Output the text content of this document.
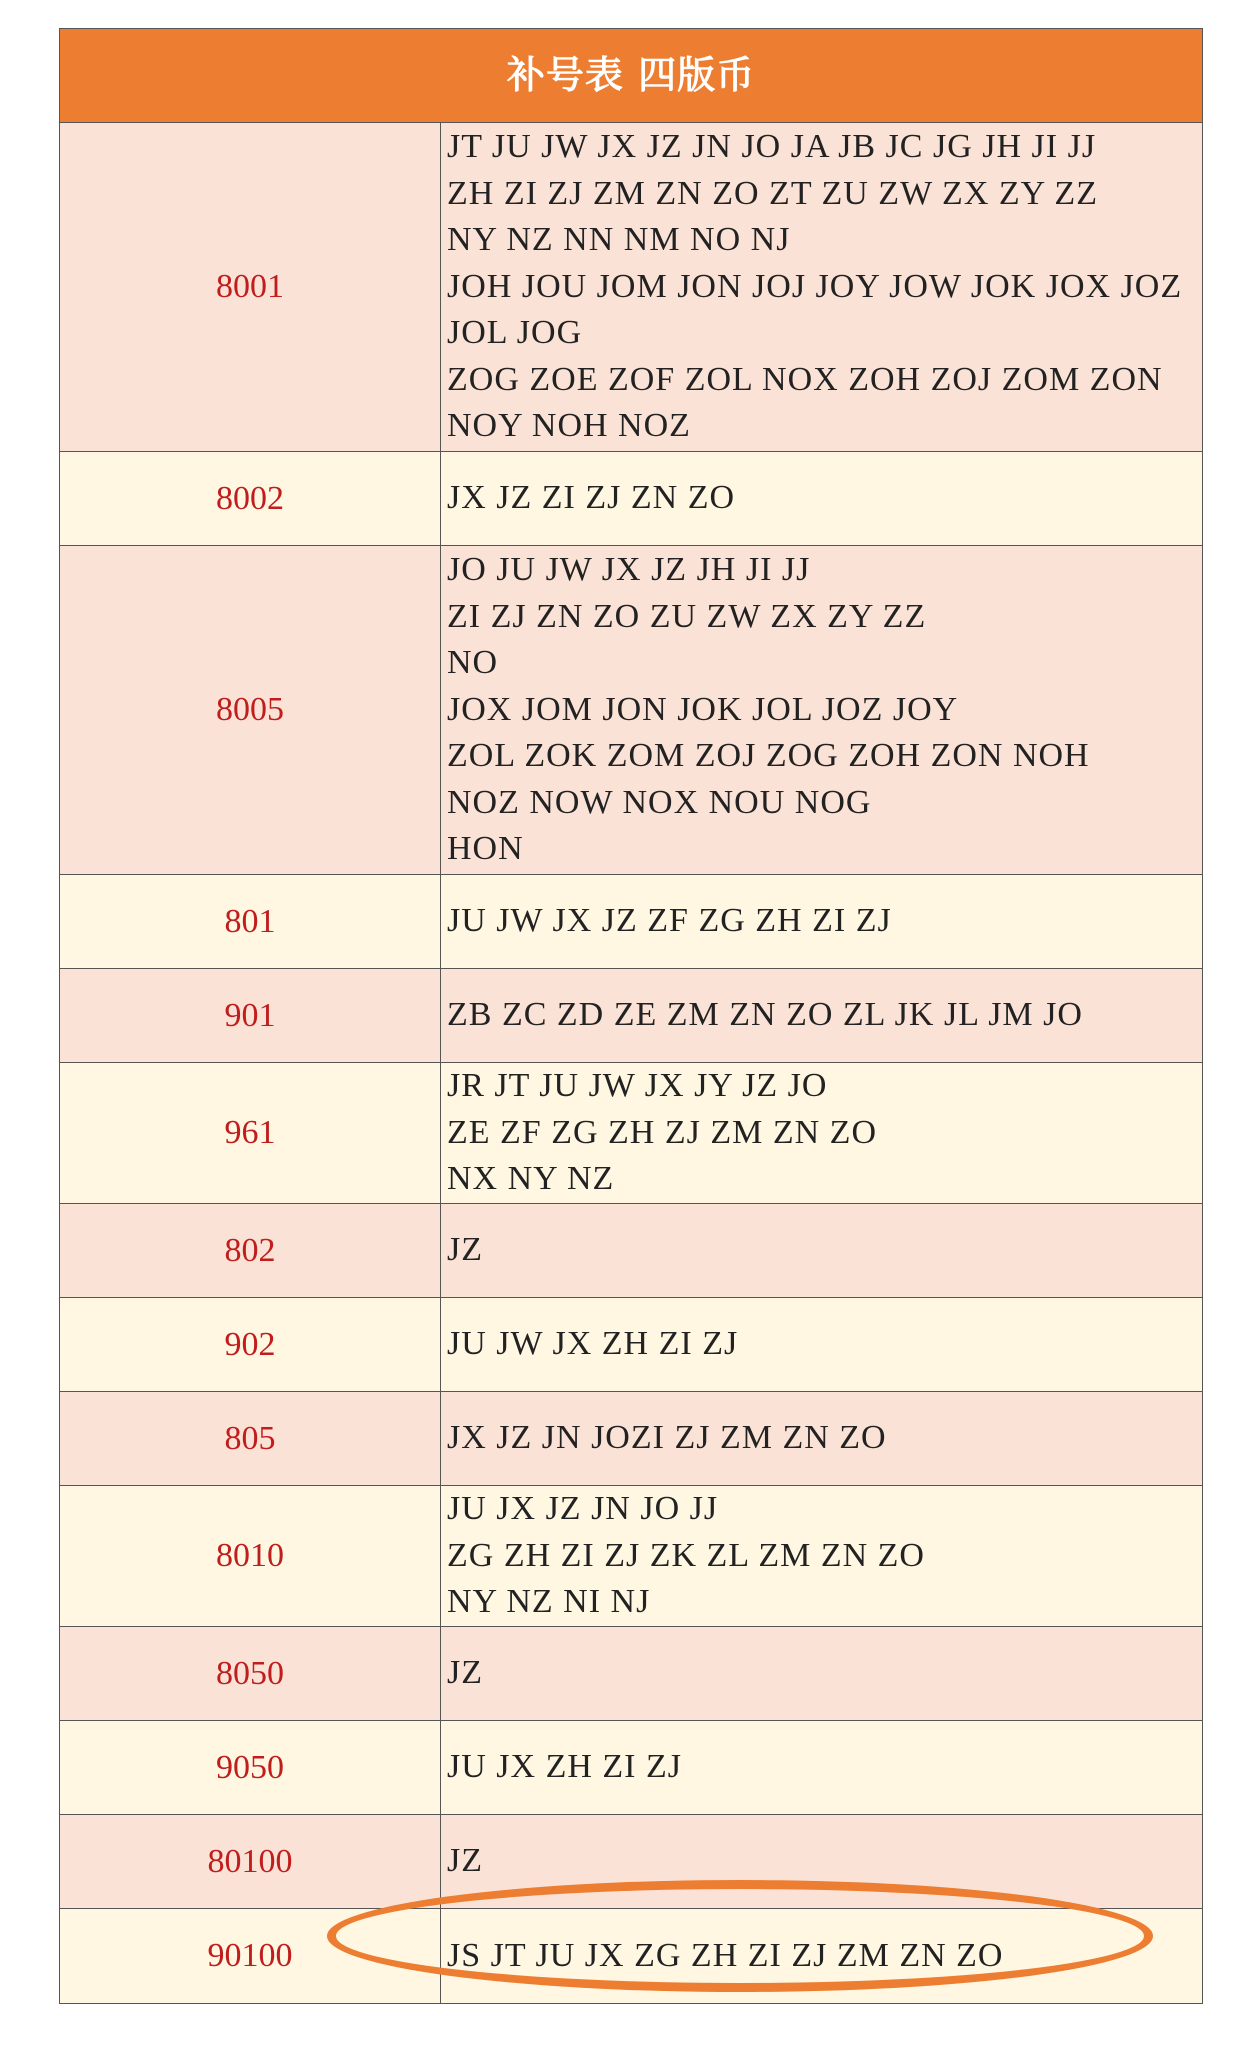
补号表 四版币
8001
JT JU JW JX JZ JN JO JA JB JC JG JH JI JJ
ZH ZI ZJ ZM ZN ZO ZT ZU ZW ZX ZY ZZ
NY NZ NN NM NO NJ
JOH JOU JOM JON JOJ JOY JOW JOK JOX JOZ
JOL JOG
ZOG ZOE ZOF ZOL NOX ZOH ZOJ ZOM ZON
NOY NOH NOZ
8002	JX JZ ZI ZJ ZN ZO
8005
JO JU JW JX JZ JH JI JJ
ZI ZJ ZN ZO ZU ZW ZX ZY ZZ
NO
JOX JOM JON JOK JOL JOZ JOY
ZOL ZOK ZOM ZOJ ZOG ZOH ZON NOH
NOZ NOW NOX NOU NOG
HON
801	JU JW JX JZ ZF ZG ZH ZI ZJ
901	ZB ZC ZD ZE ZM ZN ZO ZL JK JL JM JO
961
JR JT JU JW JX JY JZ JO
ZE ZF ZG ZH ZJ ZM ZN ZO
NX NY NZ
802	JZ
902	JU JW JX ZH ZI ZJ
805	JX JZ JN JOZI ZJ ZM ZN ZO
8010
JU JX JZ JN JO JJ
ZG ZH ZI ZJ ZK ZL ZM ZN ZO
NY NZ NI NJ
8050	JZ
9050	JU JX ZH ZI ZJ
80100	JZ
90100	JS JT JU JX ZG ZH ZI ZJ ZM ZN ZO
